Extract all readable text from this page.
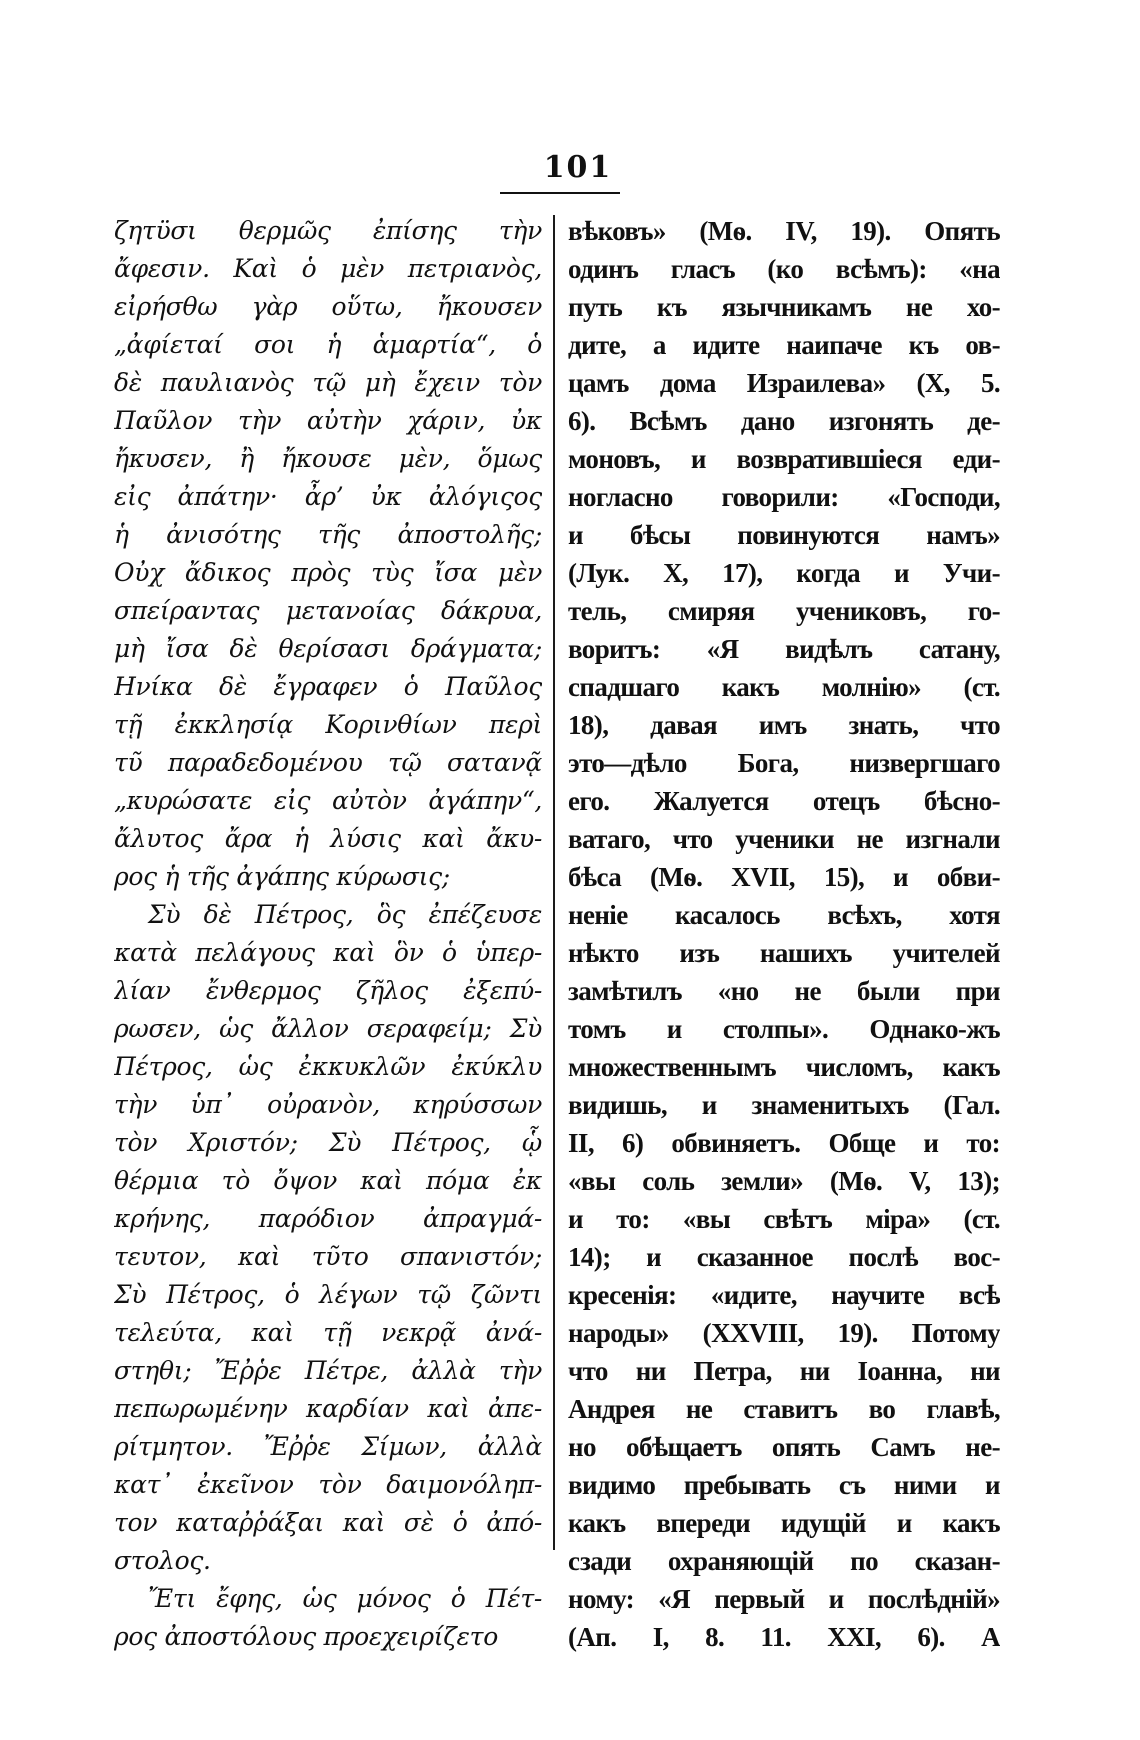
101
ζητϋσι θερμῶς ἐπίσης τὴν
ἄφεσιν. Καὶ ὁ μὲν πετριανὸς,
εἰρήσθω γὰρ οὕτω, ἤκουσεν
„ἀφίεταί σοι ἡ ἁμαρτία“, ὁ
δὲ παυλιανὸς τῷ μὴ ἔχειν τὸν
Παῦλον τὴν αὐτὴν χάριν, ὐκ
ἤκυσεν, ἢ ἤκουσε μὲν, ὅμως
εἰς ἀπάτην· ἆρ’ ὐκ ἀλόγιςος
ἡ ἀνισότης τῆς ἀποστολῆς;
Οὐχ ἄδικος πρὸς τὺς ἴσα μὲν
σπείραντας μετανοίας δάκρυα,
μὴ ἴσα δὲ θερίσασι δράγματα;
Ηνίκα δὲ ἔγραφεν ὁ Παῦλος
τῇ ἐκκλησίᾳ Κορινθίων περὶ
τῦ παραδεδομένου τῷ σατανᾷ
„κυρώσατε εἰς αὐτὸν ἀγάπην“,
ἄλυτος ἄρα ἡ λύσις καὶ ἄκυ-
ρος ἡ τῆς ἀγάπης κύρωσις;
Σὺ δὲ Πέτρος, ὃς ἐπέζευσε
κατὰ πελάγους καὶ ὃν ὁ ὑπερ-
λίαν ἔνθερμος ζῆλος ἐξεπύ-
ρωσεν, ὡς ἄλλον σεραφείμ; Σὺ
Πέτρος, ὡς ἐκκυκλῶν ἐκύκλυ
τὴν ὑπ᾽ οὐρανὸν, κηρύσσων
τὸν Χριστόν; Σὺ Πέτρος, ᾧ
θέρμια τὸ ὄψον καὶ πόμα ἐκ
κρήνης, παρόδιον ἀπραγμά-
τευτον, καὶ τῦτο σπανιστόν;
Σὺ Πέτρος, ὁ λέγων τῷ ζῶντι
τελεύτα, καὶ τῇ νεκρᾷ ἀνά-
στηθι; Ἔῤῥε Πέτρε, ἀλλὰ τὴν
πεπωρωμένην καρδίαν καὶ ἀπε-
ρίτμητον. Ἔῤῥε Σίμων, ἀλλὰ
κατ᾽ ἐκεῖνον τὸν δαιμονόληπ-
τον καταῤῥάξαι καὶ σὲ ὁ ἀπό-
στολος.
Ἔτι ἔφης, ὡς μόνος ὁ Πέτ-
ρος ἀποστόλους προεχειρίζετο
вѣковъ» (Мѳ. IV, 19). Опять
одинъ гласъ (ко всѣмъ): «на
путь къ язычникамъ не хо-
дите, а идите наипаче къ ов-
цамъ дома Израилева» (X, 5.
6). Всѣмъ дано изгонять де-
моновъ, и возвратившіеся еди-
ногласно говорили: «Господи,
и бѣсы повинуются намъ»
(Лук. X, 17), когда и Учи-
тель, смиряя учениковъ, го-
воритъ: «Я видѣлъ сатану,
спадшаго какъ молнію» (ст.
18), давая имъ знать, что
это—дѣло Бога, низвергшаго
его. Жалуется отецъ бѣсно-
ватаго, что ученики не изгнали
бѣса (Мѳ. XVII, 15), и обви-
неніе касалось всѣхъ, хотя
нѣкто изъ нашихъ учителей
замѣтилъ «но не были при
томъ и столпы». Однако-жъ
множественнымъ числомъ, какъ
видишь, и знаменитыхъ (Гал.
II, 6) обвиняетъ. Обще и то:
«вы соль земли» (Мѳ. V, 13);
и то: «вы свѣтъ міра» (ст.
14); и сказанное послѣ вос-
кресенія: «идите, научите всѣ
народы» (XXVIII, 19). Потому
что ни Петра, ни Іоанна, ни
Андрея не ставитъ во главѣ,
но обѣщаетъ опять Самъ не-
видимо пребывать съ ними и
какъ впереди идущій и какъ
сзади охраняющій по сказан-
ному: «Я первый и послѣдній»
(Ап. I, 8. 11. XXI, 6). А
